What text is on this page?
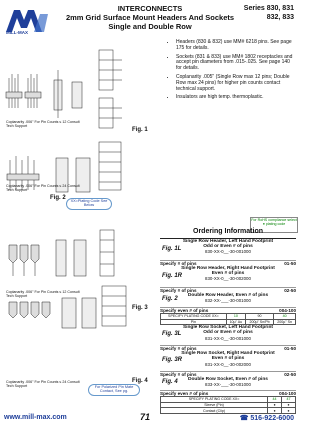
MILL-MAX
INTERCONNECTS
2mm Grid Surface Mount Headers And Sockets
Single and Double Row
Series 830, 831
832, 833
Fig. 1
Fig. 2
Fig. 3
Fig. 4
Coplanarity .006" For Pin Counts ≤ 12 Consult Tech Support
Coplanarity .006" For Pin Counts ≤ 24 Consult Tech Support
Coplanarity .006" For Pin Counts ≤ 12 Consult Tech Support
Coplanarity .006" For Pin Counts ≤ 24 Consult Tech Support
XX=Plating Code See Below
For Polarized Pin Mate Contact, See pg.
• Headers (830 & 832) use MM# 6218 pins. See page 175 for details.
• Sockets (831 & 833) use MM# 1802 receptacles and accept pin diameters from .015-.025. See page 140 for details.
• Coplanarity .005" (Single Row max 12 pins; Double Row max 24 pins) for higher pin counts contact technical support.
• Insulators are high temp. thermoplastic.
For RoHS compliance select ● plating code
Ordering Information
Single Row Header, Left Hand Footprint
Odd or Even # of pins
830-XX-0__-30-001000
Fig. 1L
Specify # of pins	01-50
Single Row Header, Right Hand Footprint
Even # of pins
830-XX-0__-30-002000
Fig. 1R
Specify # of pins	02-50
Double Row Header, Even # of pins
832-XX-___-30-001000
Fig. 2
Specify even # of pins	004-100
SPECIFY PLATING CODE XX=	10	90	40
Pin	10µ" Au	200µ" Sn/Pb	200µ" Sn
Single Row Socket, Left Hand Footprint
Odd or Even # of pins
831-XX-0__-30-001000
Fig. 3L
Specify # of pins	01-50
Single Row Socket, Right Hand Footprint
Even # of pins
831-XX-0__-30-002000
Fig. 3R
Specify # of pins	02-50
Double Row Socket, Even # of pins
833-XX-___-30-001000
Fig. 4
Specify even # of pins	004-100
SPECIFY PLATING CODE XX=	44	47
Sleeve (Pin)	●	●
Contact (Clip)	●	●
www.mill-max.com	71	☎ 516-922-6000
